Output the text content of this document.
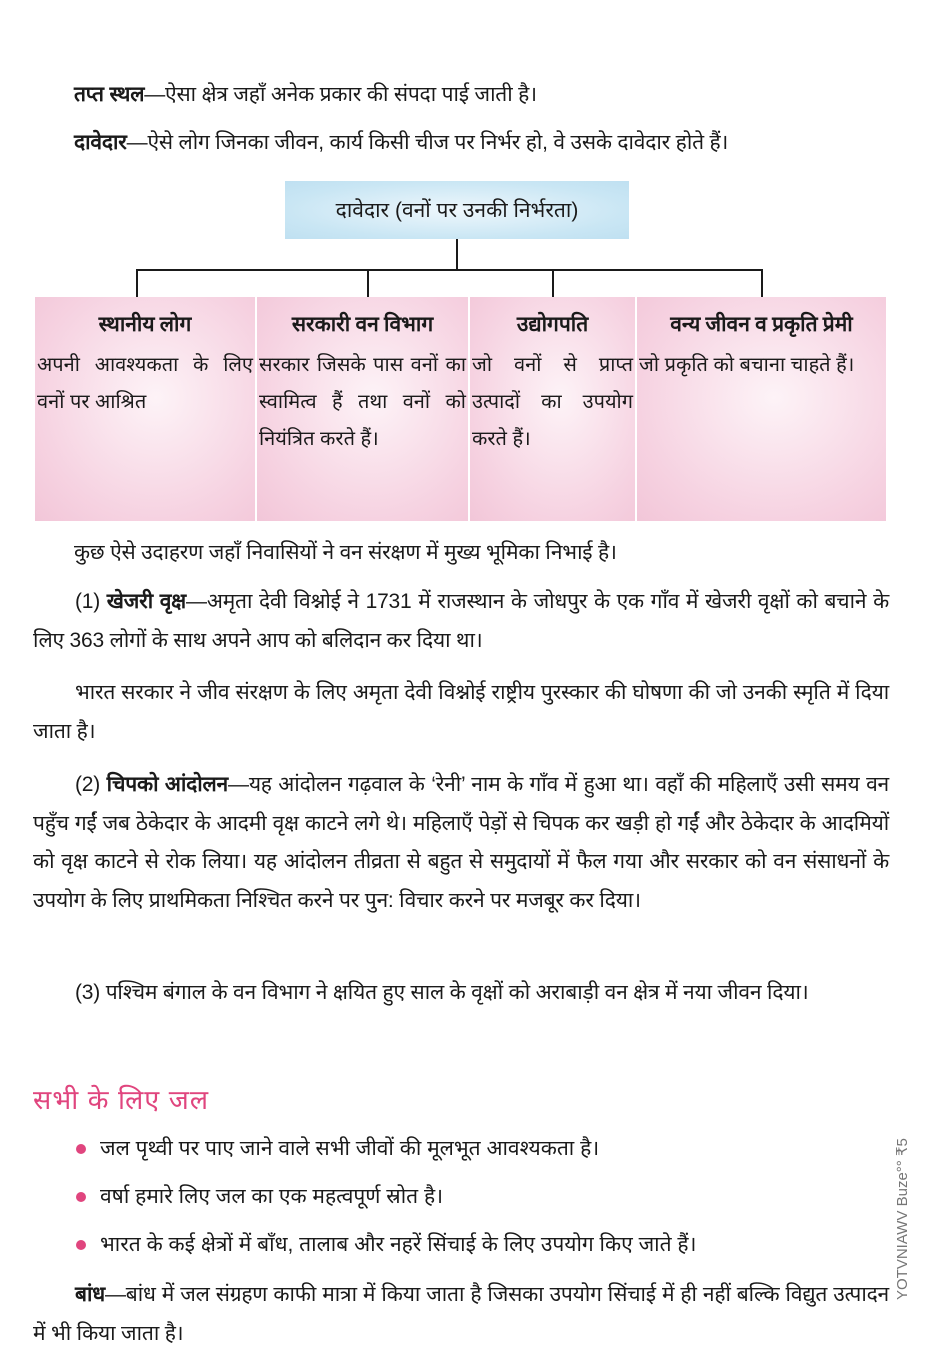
तप्त स्थल—ऐसा क्षेत्र जहाँ अनेक प्रकार की संपदा पाई जाती है।
दावेदार—ऐसे लोग जिनका जीवन, कार्य किसी चीज पर निर्भर हो, वे उसके दावेदार होते हैं।
दावेदार (वनों पर उनकी निर्भरता)
स्थानीय लोग
अपनी आवश्यकता के लिए वनों पर आश्रित
सरकारी वन विभाग
सरकार जिसके पास वनों का स्वामित्व हैं तथा वनों को नियंत्रित करते हैं।
उद्योगपति
जो वनों से प्राप्त उत्पादों का उपयोग करते हैं।
वन्य जीवन व प्रकृति प्रेमी
जो प्रकृति को बचाना चाहते हैं।
कुछ ऐसे उदाहरण जहाँ निवासियों ने वन संरक्षण में मुख्य भूमिका निभाई है।
(1) खेजरी वृक्ष—अमृता देवी विश्नोई ने 1731 में राजस्थान के जोधपुर के एक गाँव में खेजरी वृक्षों को बचाने के लिए 363 लोगों के साथ अपने आप को बलिदान कर दिया था।
भारत सरकार ने जीव संरक्षण के लिए अमृता देवी विश्नोई राष्ट्रीय पुरस्कार की घोषणा की जो उनकी स्मृति में दिया जाता है।
(2) चिपको आंदोलन—यह आंदोलन गढ़वाल के ‘रेनी’ नाम के गाँव में हुआ था। वहाँ की महिलाएँ उसी समय वन पहुँच गईं जब ठेकेदार के आदमी वृक्ष काटने लगे थे। महिलाएँ पेड़ों से चिपक कर खड़ी हो गईं और ठेकेदार के आदमियों को वृक्ष काटने से रोक लिया। यह आंदोलन तीव्रता से बहुत से समुदायों में फैल गया और सरकार को वन संसाधनों के उपयोग के लिए प्राथमिकता निश्चित करने पर पुन: विचार करने पर मजबूर कर दिया।
(3) पश्चिम बंगाल के वन विभाग ने क्षयित हुए साल के वृक्षों को अराबाड़ी वन क्षेत्र में नया जीवन दिया।
सभी के लिए जल
जल पृथ्वी पर पाए जाने वाले सभी जीवों की मूलभूत आवश्यकता है।
वर्षा हमारे लिए जल का एक महत्वपूर्ण स्रोत है।
भारत के कई क्षेत्रों में बाँध, तालाब और नहरें सिंचाई के लिए उपयोग किए जाते हैं।
बांध—बांध में जल संग्रहण काफी मात्रा में किया जाता है जिसका उपयोग सिंचाई में ही नहीं बल्कि विद्युत उत्पादन में भी किया जाता है।
YOTVNIAWV Buze°° ₹5
